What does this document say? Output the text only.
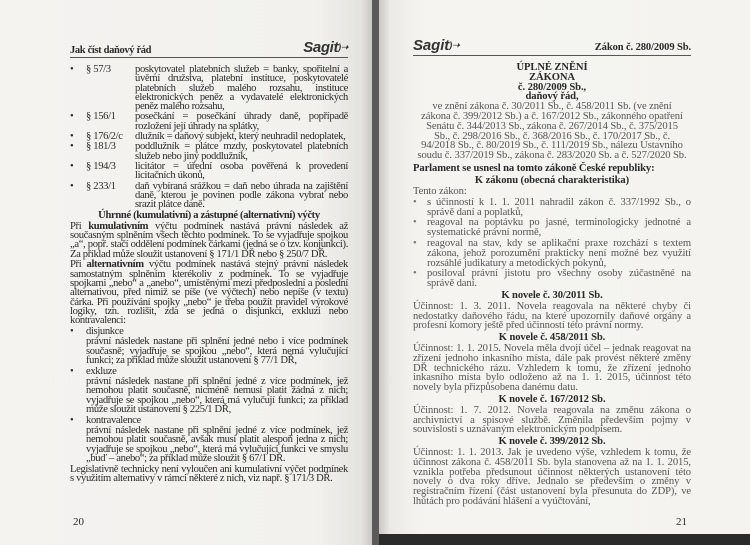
Jak číst daňový řád	Sagit)➝
•	§ 57/3	poskytovatel platebních služeb = banky, spořitelní a úvěrní družstva, platební instituce, poskytovatelé platebních služeb malého rozsahu, instituce elektronických peněz a vydavatelé elektronických peněz malého rozsahu,
•	§ 156/1	posečkání = posečkání úhrady daně, popřípadě rozložení její úhrady na splátky,
•	§ 176/2/c	dlužník = daňový subjekt, který neuhradil nedoplatek,
•	§ 181/3	poddlužník = plátce mzdy, poskytovatel platebních služeb nebo jiný poddlužník,
•	§ 194/3	licitátor = úřední osoba pověřená k provedení licitačních úkonů,
•	§ 233/1	daň vybíraná srážkou = daň nebo úhrada na zajištění daně, kterou je povinen podle zákona vybrat nebo srazit plátce daně.
Úhrnné (kumulativní) a zástupné (alternativní) výčty

Při kumulativním výčtu podmínek nastává právní následek až současným splněním všech těchto podmínek. To se vyjadřuje spojkou „a“, popř. stačí oddělení podmínek čárkami (jedná se o tzv. konjunkci). Za příklad může sloužit ustanovení § 171/1 DŘ nebo § 250/7 DŘ.

Při alternativním výčtu podmínek nastává stejný právní následek samostatným splněním kterékoliv z podmínek. To se vyjadřuje spojkami „nebo“ a „anebo“, umístěnými mezi předposlední a poslední alternativou, před nimiž se píše (ve výčtech) nebo nepíše (v textu) čárka. Při používání spojky „nebo“ je třeba použít pravidel výrokové logiky, tzn. rozlišit, zda se jedná o disjunkci, exkluzi nebo kontravalenci:

•	disjunkce

právní následek nastane při splnění jedné nebo i více podmínek současně; vyjadřuje se spojkou „nebo“, která nemá vylučující funkci; za příklad může sloužit ustanovení § 77/1 DŘ,

•	exkluze

právní následek nastane při splnění jedné z více podmínek, jež nemohou platit současně, nicméně nemusí platit žádná z nich; vyjadřuje se spojkou „nebo“, která má vylučují funkci; za příklad může sloužit ustanovení § 225/1 DŘ,

•	kontravalence

právní následek nastane při splnění jedné z více podmínek, jež nemohou platit současně, avšak musí platit alespoň jedna z nich; vyjadřuje se spojkou „nebo“, která má vylučující funkci ve smyslu „buď – anebo“; za příklad může sloužit § 67/1 DŘ.

Legislativně technicky není vyloučen ani kumulativní výčet podmínek s využitím alternativy v rámci některé z nich, viz např. § 171/3 DŘ.

20
Sagit)➝	Zákon č. 280/2009 Sb.
ÚPLNÉ ZNĚNÍ
ZÁKONA
č. 280/2009 Sb.,
daňový řád,

ve znění zákona č. 30/2011 Sb., č. 458/2011 Sb. (ve znění zákona č. 399/2012 Sb.) a č. 167/2012 Sb., zákonného opatření Senátu č. 344/2013 Sb., zákona č. 267/2014 Sb., č. 375/2015 Sb., č. 298/2016 Sb., č. 368/2016 Sb., č. 170/2017 Sb., č. 94/2018 Sb., č. 80/2019 Sb., č. 111/2019 Sb., nálezu Ústavního soudu č. 337/2019 Sb., zákona č. 283/2020 Sb. a č. 527/2020 Sb.

Parlament se usnesl na tomto zákoně České republiky:

K zákonu (obecná charakteristika)

Tento zákon:

• s účinností k 1. 1. 2011 nahradil zákon č. 337/1992 Sb., o správě daní a poplatků,
• reagoval na poptávku po jasné, terminologicky jednotné a systematické právní normě,
• reagoval na stav, kdy se aplikační praxe rozchází s textem zákona, jehož porozumění prakticky není možné bez využití rozsáhlé judikatury a metodických pokynů,
• posiloval právní jistotu pro všechny osoby zúčastněné na správě daní.
K novele č. 30/2011 Sb.

Účinnost: 1. 3. 2011. Novela reagovala na některé chyby či nedostatky daňového řádu, na které upozornily daňové orgány a profesní komory ještě před účinností této právní normy.

K novele č. 458/2011 Sb.

Účinnost: 1. 1. 2015. Novela měla dvojí účel – jednak reagovat na zřízení jednoho inkasního místa, dále pak provést některé změny DŘ technického rázu. Vzhledem k tomu, že zřízení jednoho inkasního místa bylo odloženo až na 1. 1. 2015, účinnost této novely byla přizpůsobena danému datu.

K novele č. 167/2012 Sb.

Účinnost: 1. 7. 2012. Novela reagovala na změnu zákona o archivnictví a spisové službě. Změnila především pojmy v souvislosti s uznávaným elektronickým podpisem.

K novele č. 399/2012 Sb.

Účinnost: 1. 1. 2013. Jak je uvedeno výše, vzhledem k tomu, že účinnost zákona č. 458/2011 Sb. byla stanovena až na 1. 1. 2015, vznikla potřeba předsunout účinnost některých ustanovení této novely o dva roky dříve. Jednalo se především o změny v registračním řízení (část ustanovení byla přesunuta do ZDP), ve lhůtách pro podávání hlášení a vyúčtování,

21
